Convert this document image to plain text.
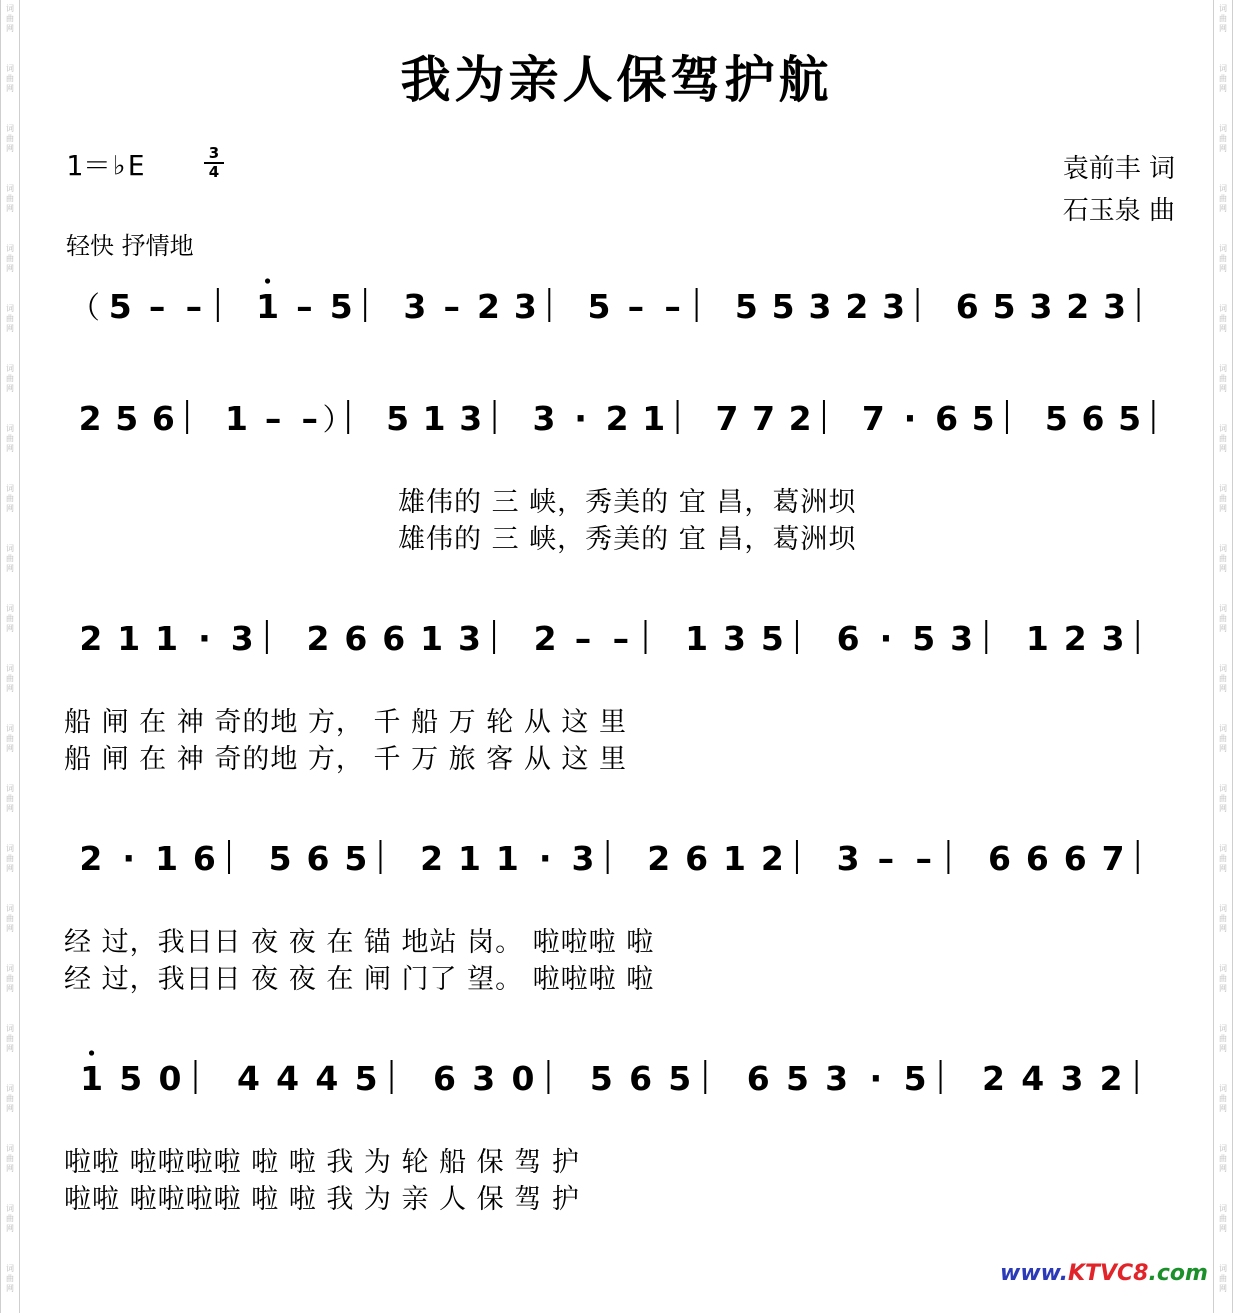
词
曲
网
词
曲
网
词
曲
网
词
曲
网
词
曲
网
词
曲
网
词
曲
网
词
曲
网
词
曲
网
词
曲
网
词
曲
网
词
曲
网
词
曲
网
词
曲
网
词
曲
网
词
曲
网
词
曲
网
词
曲
网
词
曲
网
词
曲
网
词
曲
网
词
曲
网
词
曲
网
词
曲
网
词
曲
网
词
曲
网
词
曲
网
词
曲
网
词
曲
网
词
曲
网
词
曲
网
词
曲
网
词
曲
网
词
曲
网
词
曲
网
词
曲
网
词
曲
网
词
曲
网
词
曲
网
词
曲
网
词
曲
网
词
曲
网
词
曲
网
词
曲
网
我为亲人保驾护航
1＝♭E	3
4	袁前丰 词
石玉泉 曲
轻快 抒情地
（ 5 – – 1 – 5 3 – 2 3 5 – – 5 5 3 2 3 6 5 3 2 3
2 5 6 1 – – ） 5 1 3 3 · 2 1 7 7 2 7 · 6 5 5 6 5
2 1 1 · 3 2 6 6 1 3 2 – – 1 3 5 6 · 5 3 1 2 3
2 · 1 6 5 6 5 2 1 1 · 3 2 6 1 2 3 – – 6 6 6 7
1 5 0 4 4 4 5 6 3 0 5 6 5 6 5 3 · 5 2 4 3 2
雄伟的 三 峡，秀美的 宜 昌，葛洲坝
雄伟的 三 峡，秀美的 宜 昌，葛洲坝
船 闸 在 神 奇的地 方， 千 船 万 轮 从 这 里
船 闸 在 神 奇的地 方， 千 万 旅 客 从 这 里
经 过，我日日 夜 夜 在 锚 地站 岗。 啦啦啦 啦
经 过，我日日 夜 夜 在 闸 门了 望。 啦啦啦 啦
啦啦 啦啦啦啦 啦 啦 我 为 轮 船 保 驾 护
啦啦 啦啦啦啦 啦 啦 我 为 亲 人 保 驾 护
www.KTVC8.com
